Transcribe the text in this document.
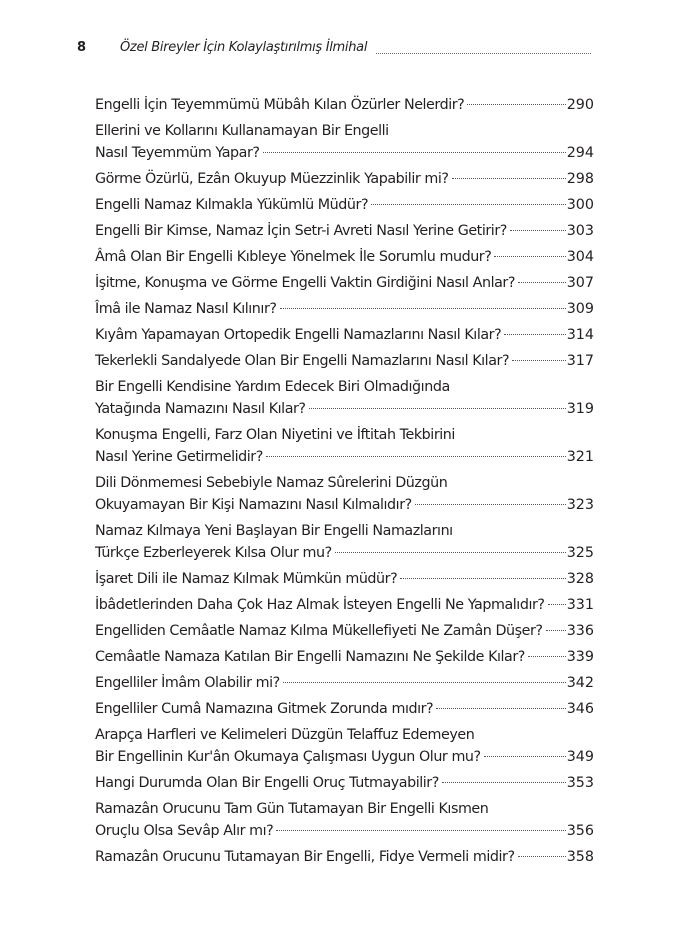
8	Özel Bireyler İçin Kolaylaştırılmış İlmihal
Engelli İçin Teyemmümü Mübâh Kılan Özürler Nelerdir?	290
Ellerini ve Kollarını Kullanamayan Bir Engelli
Nasıl Teyemmüm Yapar?	294
Görme Özürlü, Ezân Okuyup Müezzinlik Yapabilir mi?	298
Engelli Namaz Kılmakla Yükümlü Müdür?	300
Engelli Bir Kimse, Namaz İçin Setr-i Avreti Nasıl Yerine Getirir?	303
Âmâ Olan Bir Engelli Kıbleye Yönelmek İle Sorumlu mudur?	304
İşitme, Konuşma ve Görme Engelli Vaktin Girdiğini Nasıl Anlar?	307
Îmâ ile Namaz Nasıl Kılınır?	309
Kıyâm Yapamayan Ortopedik Engelli Namazlarını Nasıl Kılar?	314
Tekerlekli Sandalyede Olan Bir Engelli Namazlarını Nasıl Kılar?	317
Bir Engelli Kendisine Yardım Edecek Biri Olmadığında
Yatağında Namazını Nasıl Kılar?	319
Konuşma Engelli, Farz Olan Niyetini ve İftitah Tekbirini
Nasıl Yerine Getirmelidir?	321
Dili Dönmemesi Sebebiyle Namaz Sûrelerini Düzgün
Okuyamayan Bir Kişi Namazını Nasıl Kılmalıdır?	323
Namaz Kılmaya Yeni Başlayan Bir Engelli Namazlarını
Türkçe Ezberleyerek Kılsa Olur mu?	325
İşaret Dili ile Namaz Kılmak Mümkün müdür?	328
İbâdetlerinden Daha Çok Haz Almak İsteyen Engelli Ne Yapmalıdır? 331
Engelliden Cemâatle Namaz Kılma Mükellefiyeti Ne Zamân Düşer? 336
Cemâatle Namaza Katılan Bir Engelli Namazını Ne Şekilde Kılar?	339
Engelliler İmâm Olabilir mi?	342
Engelliler Cumâ Namazına Gitmek Zorunda mıdır?	346
Arapça Harfleri ve Kelimeleri Düzgün Telaffuz Edemeyen
Bir Engellinin Kur'ân Okumaya Çalışması Uygun Olur mu?	349
Hangi Durumda Olan Bir Engelli Oruç Tutmayabilir?	353
Ramazân Orucunu Tam Gün Tutamayan Bir Engelli Kısmen
Oruçlu Olsa Sevâp Alır mı?	356
Ramazân Orucunu Tutamayan Bir Engelli, Fidye Vermeli midir?	358
